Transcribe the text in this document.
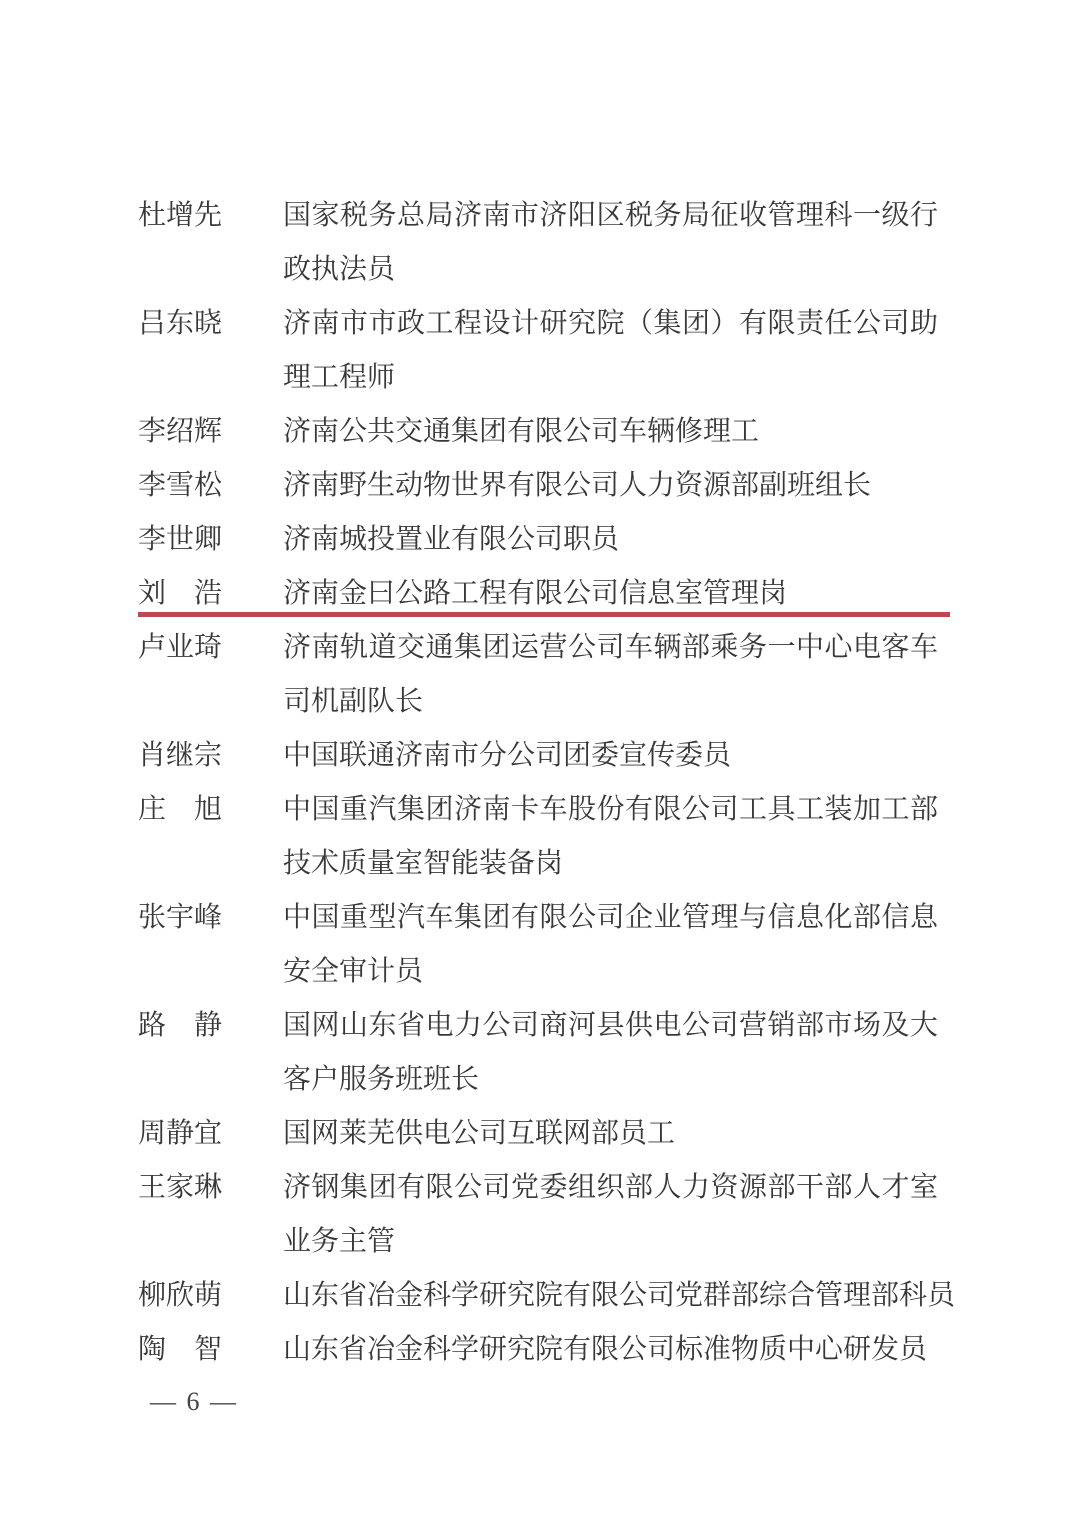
杜增先	国家税务总局济南市济阳区税务局征收管理科一级行
政执法员
吕东晓	济南市市政工程设计研究院（集团）有限责任公司助
理工程师
李绍辉	济南公共交通集团有限公司车辆修理工
李雪松	济南野生动物世界有限公司人力资源部副班组长
李世卿	济南城投置业有限公司职员
刘　浩	济南金曰公路工程有限公司信息室管理岗
卢业琦	济南轨道交通集团运营公司车辆部乘务一中心电客车
司机副队长
肖继宗	中国联通济南市分公司团委宣传委员
庄　旭	中国重汽集团济南卡车股份有限公司工具工装加工部
技术质量室智能装备岗
张宇峰	中国重型汽车集团有限公司企业管理与信息化部信息
安全审计员
路　静	国网山东省电力公司商河县供电公司营销部市场及大
客户服务班班长
周静宜	国网莱芜供电公司互联网部员工
王家琳	济钢集团有限公司党委组织部人力资源部干部人才室
业务主管
柳欣萌	山东省冶金科学研究院有限公司党群部综合管理部科员
陶　智	山东省冶金科学研究院有限公司标准物质中心研发员
— 6 —
